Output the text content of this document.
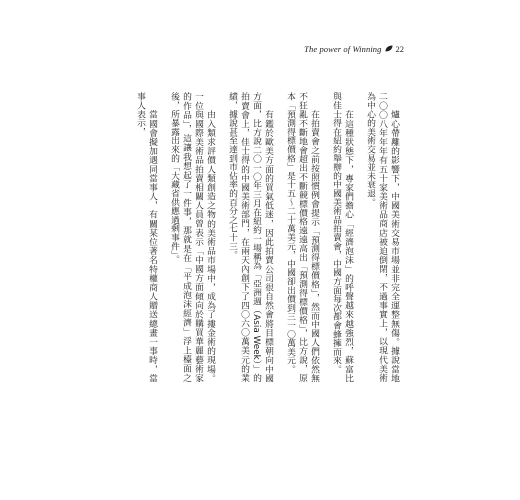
The power of Winning 22

爐心帶離的影響下，中國美術交易市場並非完全運整無傷。據說當地二〇〇八年年年有五十家美術品商店被迫倒閉，不過事實上，以現代美術為中心的美術交易並未衰退。

在這種狀態下，專家們擔心「經濟泡沫」的呼聲越來越強烈，蘇富比與佳士得在紐約舉辦的中國美術品拍賣會，中國方面每次都會蜂擁而來。

在拍賣會之前按照慣例會提示「預測得標價格」，然而中國人們依然無不狂亂不斷地會超出不斷競標價格遠遠高出「預測得標價格」，比方說，原本「預測得標價格」是十五～二十萬美元，中國卻出價到三一〇萬美元。

有鑑於歐美方面的買氣低迷，因此拍賣公司很自然會將目標朝向中國方面，比方說二〇一〇年三月在紐約一場稱為「亞洲週（Asia Week）」的拍賣會上，佳士得的中國美術部門，在兩天內創下了四〇六〇萬美元的業績，據說甚至達到市佔率的百分之七十三。

由入類求評價人類創造之物的美術品市場中，成為了摟金術的現場。一位與國際美術品拍賣相關人員曾表示「中國方面傾向於購買華麗藝術家的作品」，這讓我想起了一件事，那就是在「平成泡沫經濟」浮上檯面之後，所暴露出來的「大藏省供應過剩事件」。

當國會擬加遇同當事人，有關某位著名特權商人贈送總畫一事時，當事人表示，
